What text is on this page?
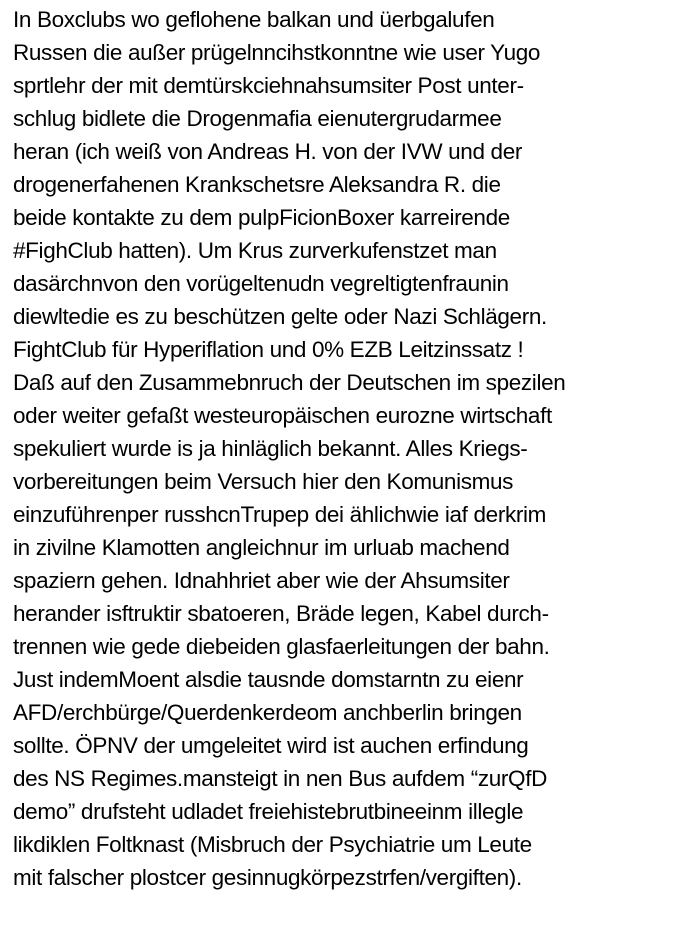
In Boxclubs wo geflohene balkan und üerbgalufen
Russen die außer prügelnncihstkonntne wie user Yugo
sprtlehr der mit demtürskciehnahsumsiter Post unter-
schlug bidlete die Drogenmafia eienutergrudarmee
heran (ich weiß von Andreas H. von der IVW und der
drogenerfahenen Krankschetsre Aleksandra R. die
beide kontakte zu dem pulpFicionBoxer karreirende
#FighClub hatten). Um Krus zurverkufenstzet man
dasärchnvon den vorügeltenudn vegreltigtenfraunin
diewltedie es zu beschützen gelte oder Nazi Schlägern.
FightClub für Hyperiflation und 0% EZB Leitzinssatz !
Daß auf den Zusammebnruch der Deutschen im spezilen
oder weiter gefaßt westeuropäischen eurozne wirtschaft
spekuliert wurde is ja hinläglich bekannt. Alles Kriegs-
vorbereitungen beim Versuch hier den Komunismus
einzuführenper russhcnTrupep dei ählichwie iaf derkrim
in zivilne Klamotten angleichnur im urluab machend
spaziern gehen. Idnahhriet aber wie der Ahsumsiter
herander isftruktir sbatoeren, Bräde legen, Kabel durch-
trennen wie gede diebeiden glasfaerleitungen der bahn.
Just indemMoent alsdie tausnde domstarntn zu eienr
AFD/erchbürge/Querdenkerdeom anchberlin bringen
sollte. ÖPNV der umgeleitet wird ist auchen erfindung
des NS Regimes.mansteigt in nen Bus aufdem “zurQfD
demo” drufsteht udladet freiehistebrutbineeinm illegle
likdiklen Foltknast (Misbruch der Psychiatrie um Leute
mit falscher plostcer gesinnugkörpezstrfen/vergiften).
